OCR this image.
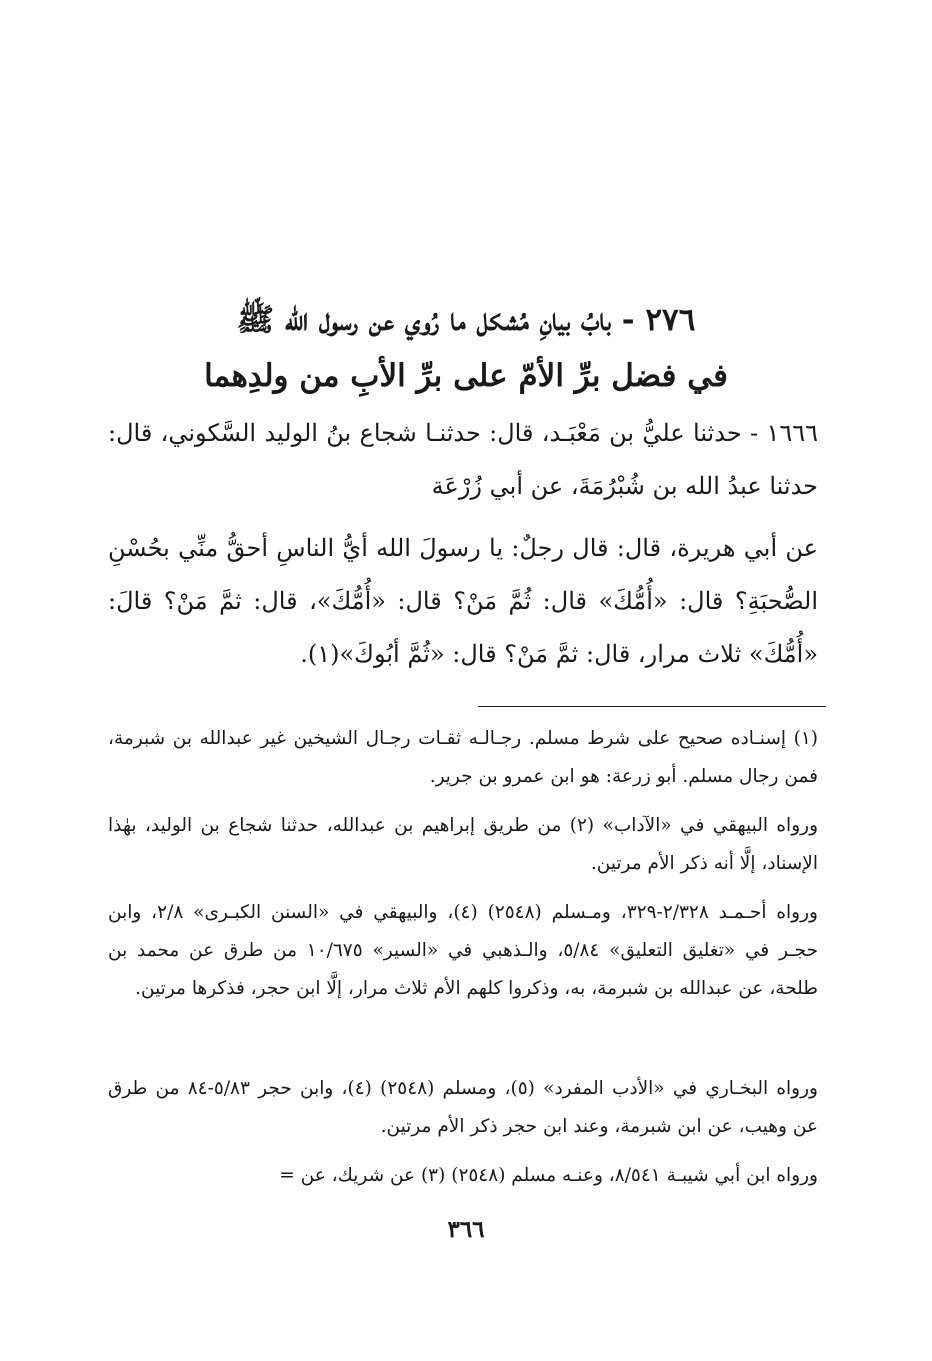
٢٧٦ - بابُ بيانِ مُشكل ما رُوي عن رسول الله ﷺ
في فضل برِّ الأمّ على برِّ الأبِ من ولدِهما
١٦٦٦ - حدثنا عليُّ بن مَعْبَـد، قال: حدثنـا شجاع بنُ الوليد السَّكوني، قال: حدثنا عبدُ الله بن شُبْرُمَةَ، عن أبي زُرْعَة
عن أبي هريرة، قال: قال رجلٌ: يا رسولَ الله أيُّ الناسِ أحقُّ منِّي بحُسْنِ الصُّحبَةِ؟ قال: «أُمُّكَ» قال: ثُمَّ مَنْ؟ قال: «أُمُّكَ»، قال: ثمَّ مَنْ؟ قالَ: «أُمُّكَ» ثلاث مرار، قال: ثمَّ مَنْ؟ قال: «ثُمَّ أبُوكَ»(١).
(١) إسنـاده صحيح على شرط مسلم. رجـالـه ثقـات رجـال الشيخين غير عبدالله بن شبرمة، فمن رجال مسلم. أبو زرعة: هو ابن عمرو بن جرير.
ورواه البيهقي في «الآداب» (٢) من طريق إبراهيم بن عبدالله، حدثنا شجاع بن الوليد، بهٰذا الإسناد، إلَّا أنه ذكر الأم مرتين.
ورواه أحـمـد ٢/٣٢٨-٣٢٩، ومـسلم (٢٥٤٨) (٤)، والبيهقي في «السنن الكبـرى» ٢/٨، وابن حجـر في «تغليق التعليق» ٥/٨٤، والـذهبي في «السير» ١٠/٦٧٥ من طرق عن محمد بن طلحة، عن عبدالله بن شبرمة، به، وذكروا كلهم الأم ثلاث مرار، إلَّا ابن حجر، فذكرها مرتين.
ورواه البخـاري في «الأدب المفرد» (٥)، ومسلم (٢٥٤٨) (٤)، وابن حجر ٥/٨٣-٨٤ من طرق عن وهيب، عن ابن شبرمة، وعند ابن حجر ذكر الأم مرتين.
ورواه ابن أبي شيبـة ٨/٥٤١، وعنـه مسلم (٢٥٤٨) (٣) عن شريك، عن =
٣٦٦
